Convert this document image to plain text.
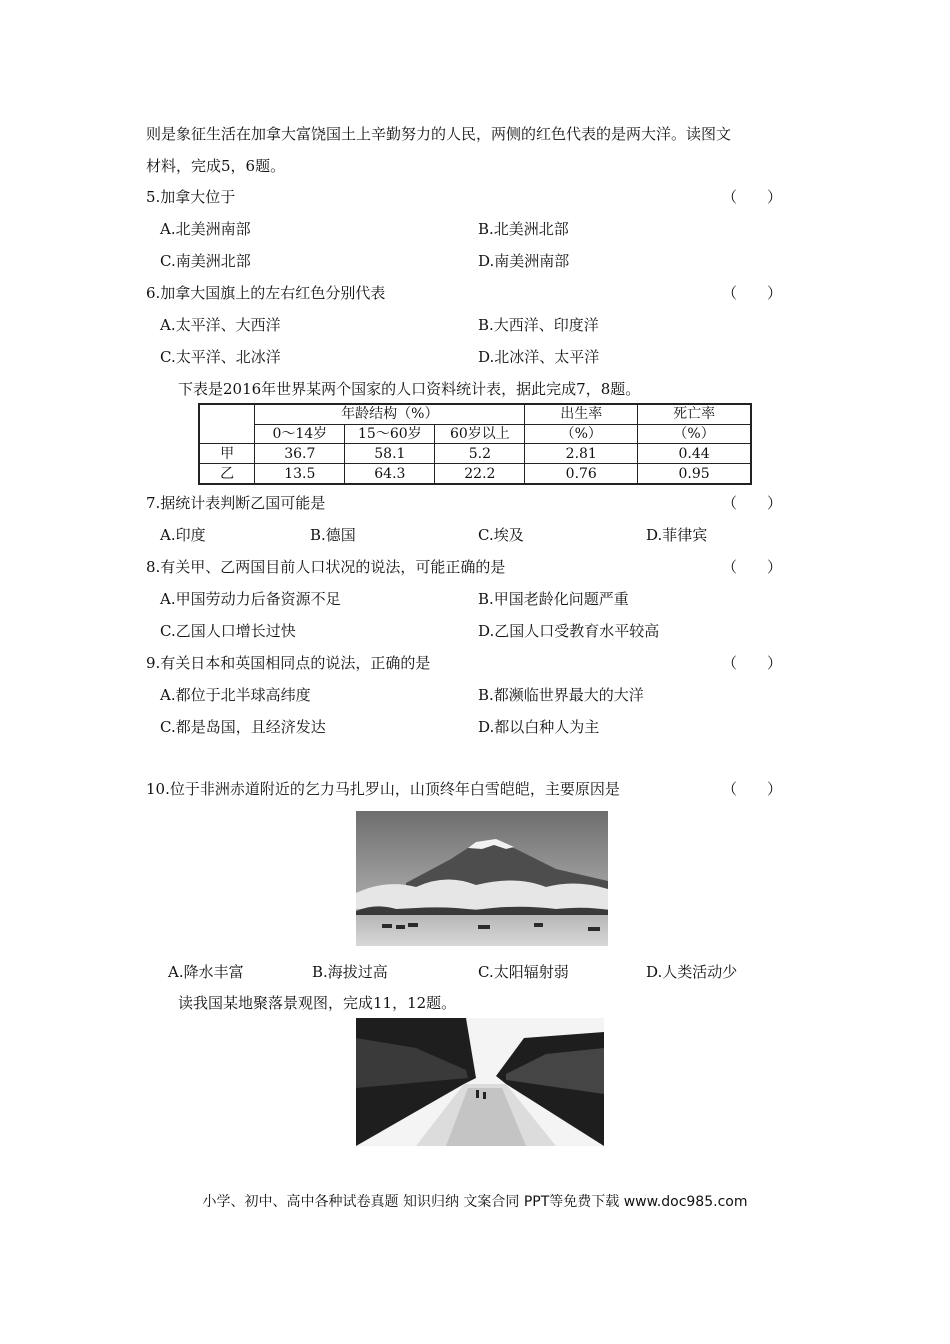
则是象征生活在加拿大富饶国土上辛勤努力的人民，两侧的红色代表的是两大洋。读图文
材料，完成5，6题。
5.加拿大位于	（　　）
A.北美洲南部	B.北美洲北部
C.南美洲北部	D.南美洲南部
6.加拿大国旗上的左右红色分别代表	（　　）
A.太平洋、大西洋	B.大西洋、印度洋
C.太平洋、北冰洋	D.北冰洋、太平洋
下表是2016年世界某两个国家的人口资料统计表，据此完成7，8题。
	年龄结构（%）			出生率	死亡率
	0～14岁	15～60岁	60岁以上	（%）	（%）
甲	36.7	58.1	5.2	2.81	0.44
乙	13.5	64.3	22.2	0.76	0.95
7.据统计表判断乙国可能是	（　　）
A.印度	B.德国	C.埃及	D.菲律宾
8.有关甲、乙两国目前人口状况的说法，可能正确的是	（　　）
A.甲国劳动力后备资源不足	B.甲国老龄化问题严重
C.乙国人口增长过快	D.乙国人口受教育水平较高
9.有关日本和英国相同点的说法，正确的是	（　　）
A.都位于北半球高纬度	B.都濒临世界最大的大洋
C.都是岛国，且经济发达	D.都以白种人为主
10.位于非洲赤道附近的乞力马扎罗山，山顶终年白雪皑皑，主要原因是	（　　）
A.降水丰富	B.海拔过高	C.太阳辐射弱	D.人类活动少
读我国某地聚落景观图，完成11，12题。
小学、初中、高中各种试卷真题 知识归纳 文案合同 PPT等免费下载 www.doc985.com
